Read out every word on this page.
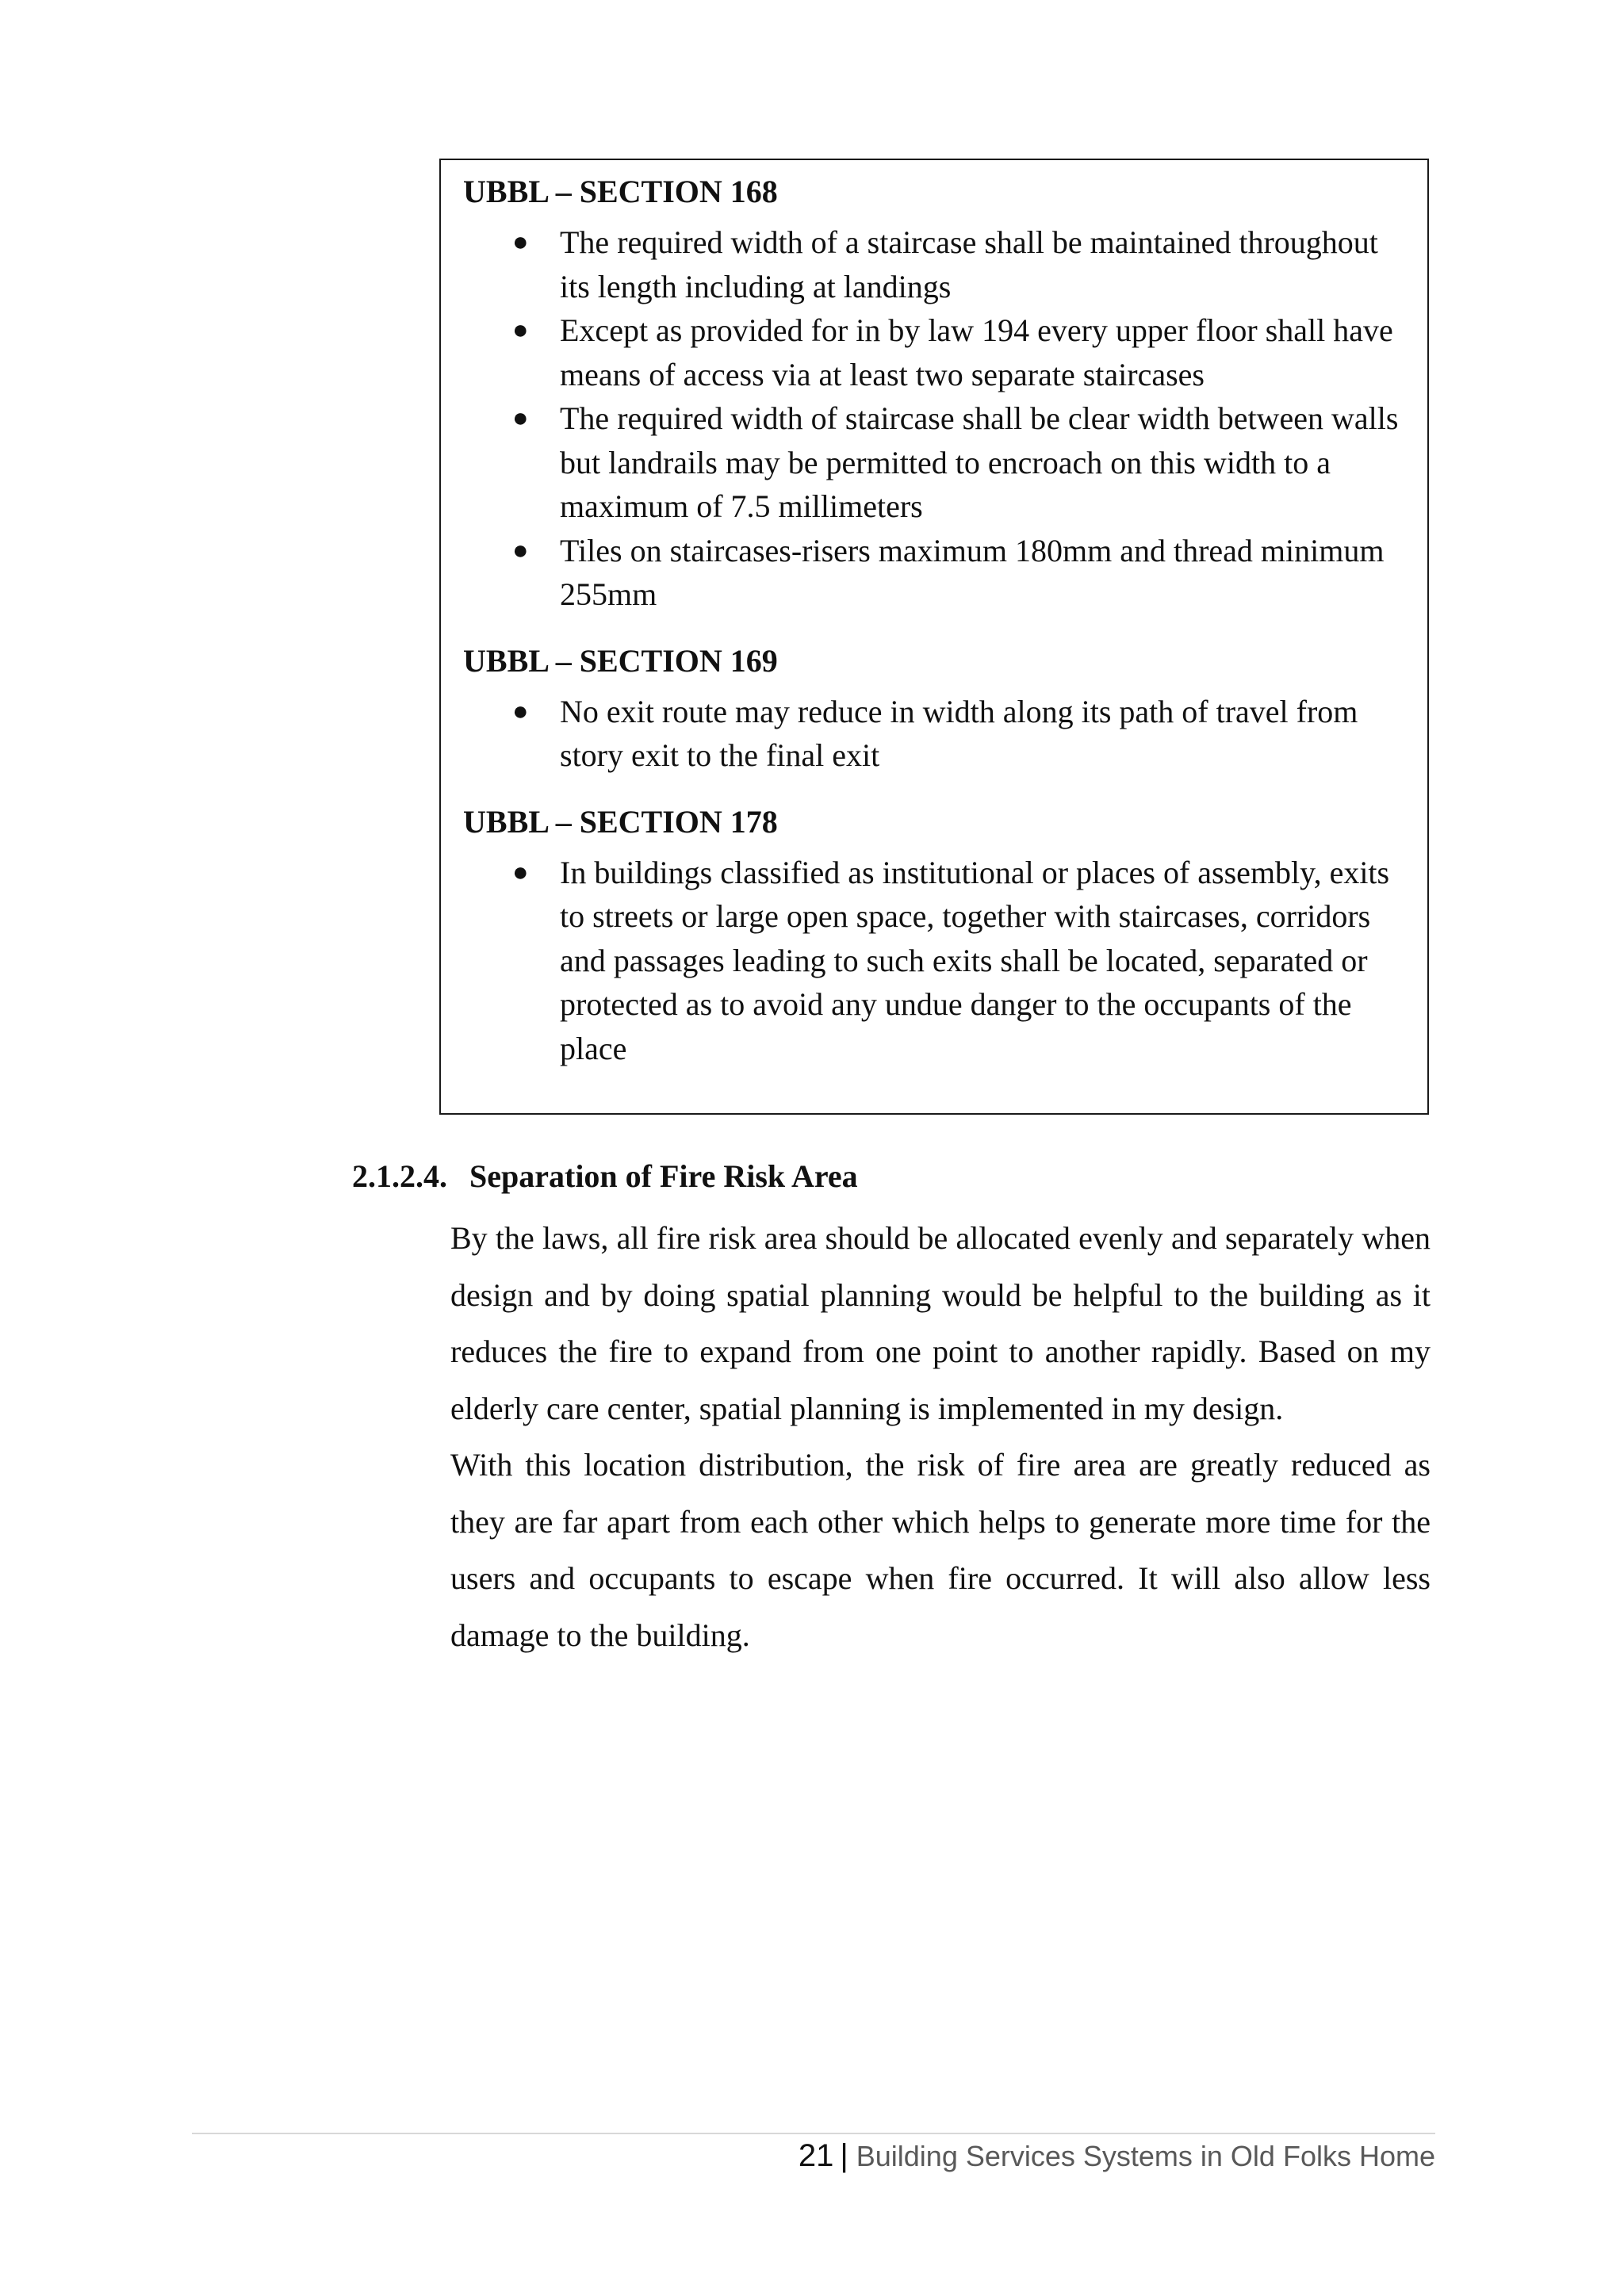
UBBL – SECTION 168
● The required width of a staircase shall be maintained throughout its length including at landings
● Except as provided for in by law 194 every upper floor shall have means of access via at least two separate staircases
● The required width of staircase shall be clear width between walls but landrails may be permitted to encroach on this width to a maximum of 7.5 millimeters
● Tiles on staircases-risers maximum 180mm and thread minimum 255mm
UBBL – SECTION 169
● No exit route may reduce in width along its path of travel from story exit to the final exit
UBBL – SECTION 178
● In buildings classified as institutional or places of assembly, exits to streets or large open space, together with staircases, corridors and passages leading to such exits shall be located, separated or protected as to avoid any undue danger to the occupants of the place
2.1.2.4. Separation of Fire Risk Area

By the laws, all fire risk area should be allocated evenly and separately when design and by doing spatial planning would be helpful to the building as it reduces the fire to expand from one point to another rapidly. Based on my elderly care center, spatial planning is implemented in my design.

With this location distribution, the risk of fire area are greatly reduced as they are far apart from each other which helps to generate more time for the users and occupants to escape when fire occurred. It will also allow less damage to the building.

21 | Building Services Systems in Old Folks Home
